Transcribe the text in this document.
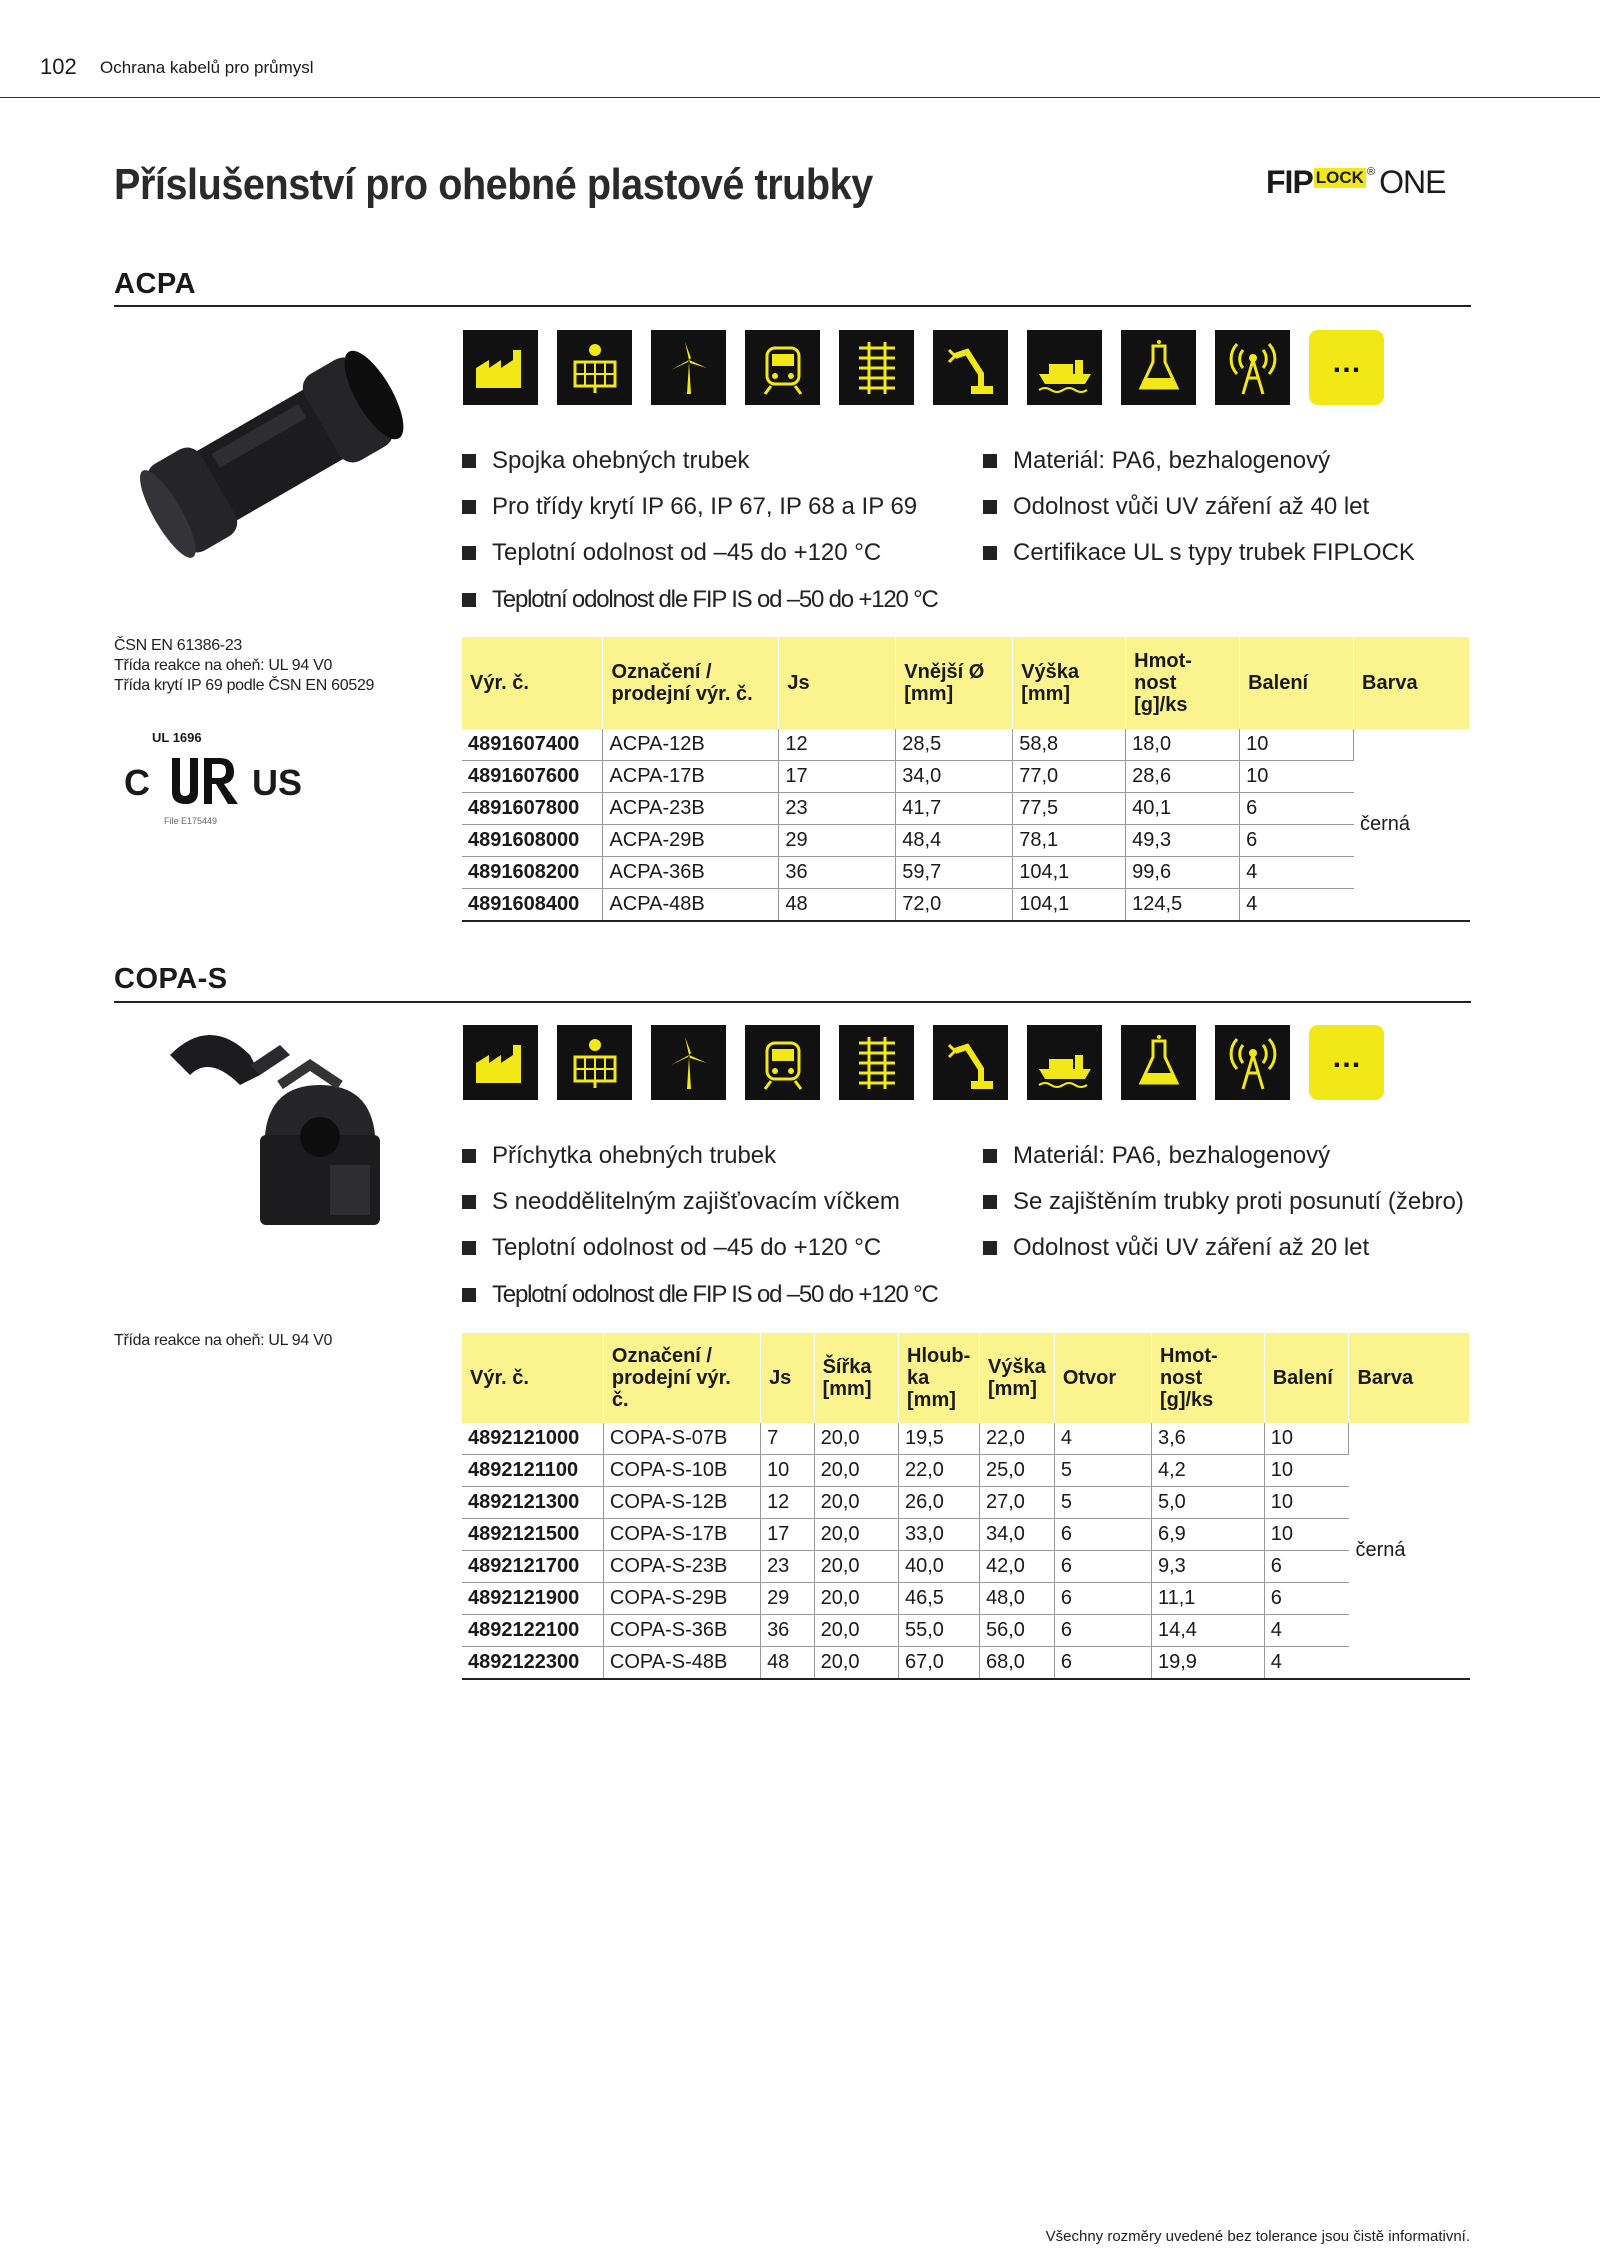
102 Ochrana kabelů pro průmysl
Příslušenství pro ohebné plastové trubky	FIP LOCK ® ONE
ACPA
…
Spojka ohebných trubek
Pro třídy krytí IP 66, IP 67, IP 68 a IP 69
Teplotní odolnost od –45 do +120 °C
Teplotní odolnost dle FIP IS od –50 do +120 °C
Materiál: PA6, bezhalogenový
Odolnost vůči UV záření až 40 let
Certifikace UL s typy trubek FIPLOCK
ČSN EN 61386-23
Třída reakce na oheň: UL 94 V0
Třída krytí IP 69 podle ČSN EN 60529
UL 1696
C	US
File E175449
Výr. č.	Označení / prodejní výr. č.	Js	Vnější Ø [mm]	Výška [mm]	Hmot- nost [g]/ks	Balení	Barva
4891607400	ACPA-12B	12	28,5	58,8	18,0	10	černá
4891607600	ACPA-17B	17	34,0	77,0	28,6	10	
4891607800	ACPA-23B	23	41,7	77,5	40,1	6	
4891608000	ACPA-29B	29	48,4	78,1	49,3	6	
4891608200	ACPA-36B	36	59,7	104,1	99,6	4	
4891608400	ACPA-48B	48	72,0	104,1	124,5	4	
COPA-S
…
Příchytka ohebných trubek
S neoddělitelným zajišťovacím víčkem
Teplotní odolnost od –45 do +120 °C
Teplotní odolnost dle FIP IS od –50 do +120 °C
Materiál: PA6, bezhalogenový
Se zajištěním trubky proti posunutí (žebro)
Odolnost vůči UV záření až 20 let
Třída reakce na oheň: UL 94 V0
Výr. č.	Označení / prodejní výr. č.	Js	Šířka [mm]	Hloub- ka [mm]	Výška [mm]	Otvor	Hmot- nost [g]/ks	Balení	Barva
4892121000	COPA-S-07B	7	20,0	19,5	22,0	4	3,6	10	černá
4892121100	COPA-S-10B	10	20,0	22,0	25,0	5	4,2	10	
4892121300	COPA-S-12B	12	20,0	26,0	27,0	5	5,0	10	
4892121500	COPA-S-17B	17	20,0	33,0	34,0	6	6,9	10	
4892121700	COPA-S-23B	23	20,0	40,0	42,0	6	9,3	6	
4892121900	COPA-S-29B	29	20,0	46,5	48,0	6	11,1	6	
4892122100	COPA-S-36B	36	20,0	55,0	56,0	6	14,4	4	
4892122300	COPA-S-48B	48	20,0	67,0	68,0	6	19,9	4	
Všechny rozměry uvedené bez tolerance jsou čistě informativní.
